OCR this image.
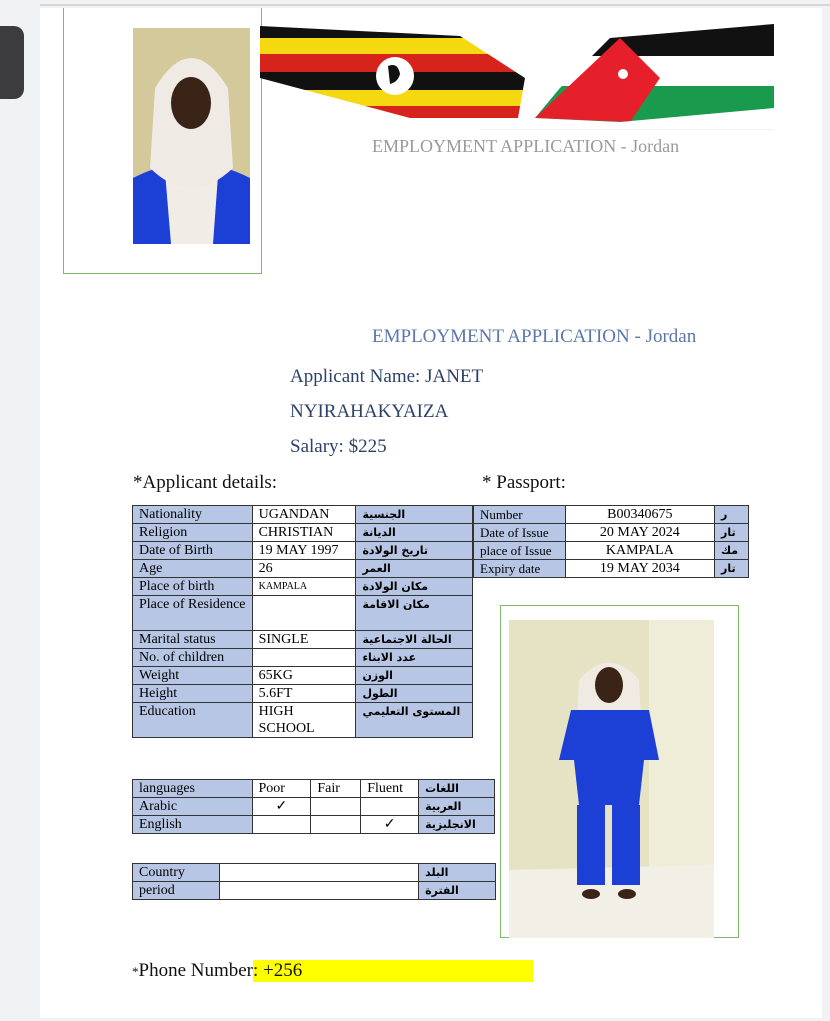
EMPLOYMENT APPLICATION - Jordan
EMPLOYMENT APPLICATION - Jordan
Applicant Name: JANET
NYIRAHAKYAIZA
Salary: $225
*Applicant details:	* Passport:
Nationality	UGANDAN	الجنسية
Religion	CHRISTIAN	الديانة
Date of Birth	19 MAY 1997	تاريخ الولادة
Age	26	العمر
Place of birth	KAMPALA	مكان الولادة
Place of Residence		مكان الاقامة
Marital status	SINGLE	الحالة الاجتماعية
No. of children		عدد الابناء
Weight	65KG	الوزن
Height	5.6FT	الطول
Education	HIGH SCHOOL	المستوى التعليمي
Number	B00340675	ر
Date of Issue	20 MAY 2024	تار
place of Issue	KAMPALA	مك
Expiry date	19 MAY 2034	تار
languages	Poor	Fair	Fluent	اللغات
Arabic	✓			العربية
English			✓	الانجليزية
Country		البلد
period		الفترة
*Phone Number: +256
